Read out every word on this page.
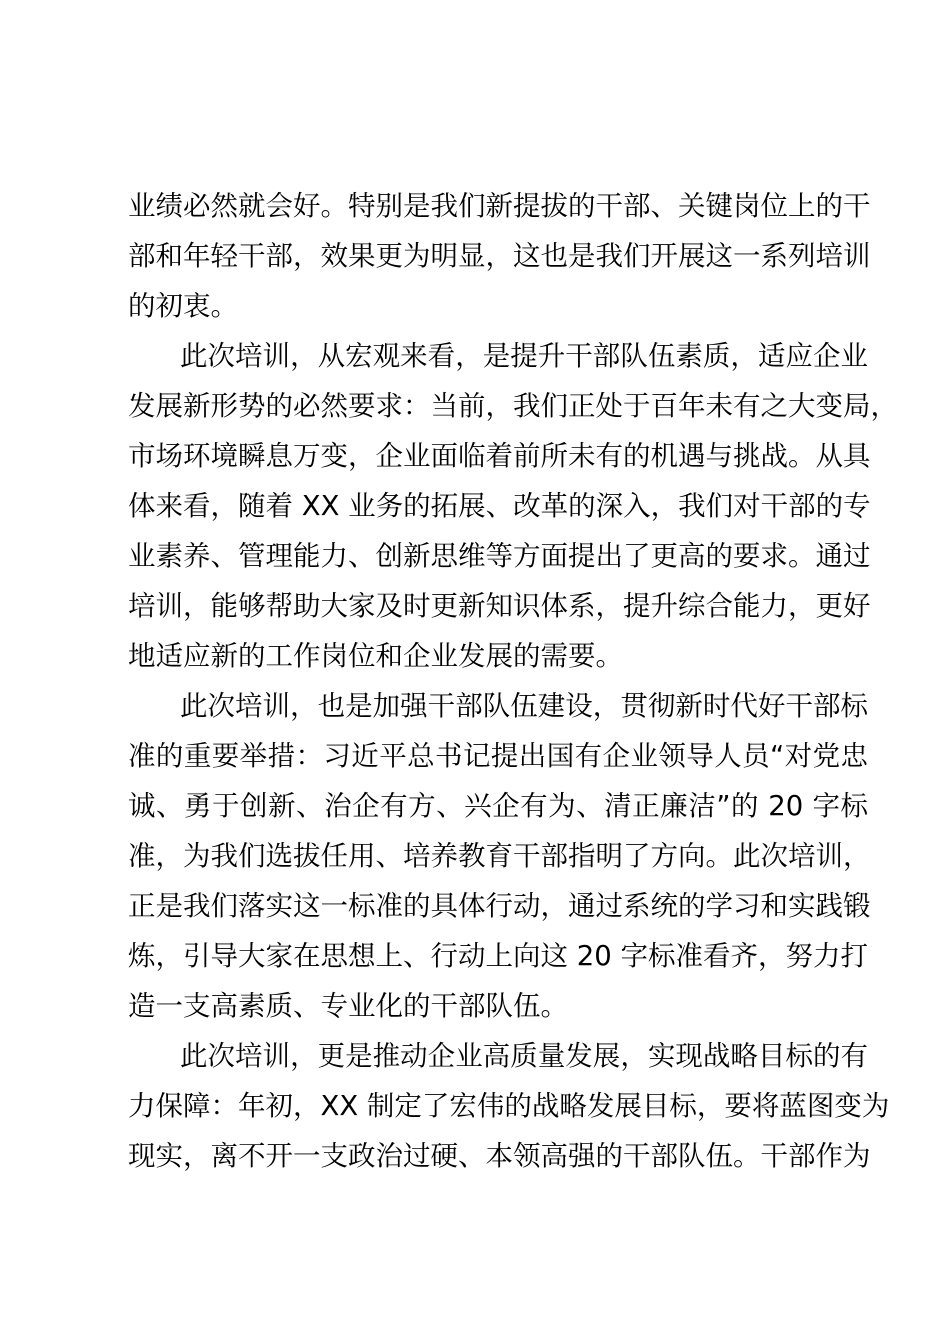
业绩必然就会好。特别是我们新提拔的干部、关键岗位上的干
部和年轻干部，效果更为明显，这也是我们开展这一系列培训
的初衷。
此次培训，从宏观来看，是提升干部队伍素质，适应企业
发展新形势的必然要求：当前，我们正处于百年未有之大变局，
市场环境瞬息万变，企业面临着前所未有的机遇与挑战。从具
体来看，随着 XX 业务的拓展、改革的深入，我们对干部的专
业素养、管理能力、创新思维等方面提出了更高的要求。通过
培训，能够帮助大家及时更新知识体系，提升综合能力，更好
地适应新的工作岗位和企业发展的需要。
此次培训，也是加强干部队伍建设，贯彻新时代好干部标
准的重要举措：习近平总书记提出国有企业领导人员“对党忠
诚、勇于创新、治企有方、兴企有为、清正廉洁”的 20 字标
准，为我们选拔任用、培养教育干部指明了方向。此次培训，
正是我们落实这一标准的具体行动，通过系统的学习和实践锻
炼，引导大家在思想上、行动上向这 20 字标准看齐，努力打
造一支高素质、专业化的干部队伍。
此次培训，更是推动企业高质量发展，实现战略目标的有
力保障：年初，XX 制定了宏伟的战略发展目标，要将蓝图变为
现实，离不开一支政治过硬、本领高强的干部队伍。干部作为
